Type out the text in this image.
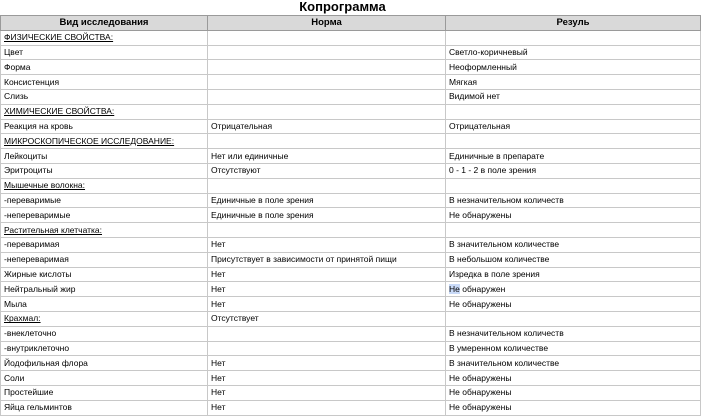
Копрограмма
Вид исследования	Норма	Резуль
ФИЗИЧЕСКИЕ СВОЙСТВА:		
Цвет		Светло-коричневый
Форма		Неоформленный
Консистенция		Мягкая
Слизь		Видимой нет
ХИМИЧЕСКИЕ СВОЙСТВА:		
Реакция на кровь	Отрицательная	Отрицательная
МИКРОСКОПИЧЕСКОЕ ИССЛЕДОВАНИЕ:		
Лейкоциты	Нет или единичные	Единичные в препарате
Эритроциты	Отсутствуют	0 - 1 - 2 в поле зрения
Мышечные волокна:		
-переваримые	Единичные в поле зрения	В незначительном количеств
-непереваримые	Единичные в поле зрения	Не обнаружены
Растительная клетчатка:		
-переваримая	Нет	В значительном количестве
-непереваримая	Присутствует в зависимости от принятой пищи	В небольшом количестве
Жирные кислоты	Нет	Изредка в поле зрения
Нейтральный жир	Нет	Не обнаружен
Мыла	Нет	Не обнаружены
Крахмал:	Отсутствует	
-внеклеточно		В незначительном количеств
-внутриклеточно		В умеренном количестве
Йодофильная флора	Нет	В значительном количестве
Соли	Нет	Не обнаружены
Простейшие	Нет	Не обнаружены
Яйца гельминтов	Нет	Не обнаружены
